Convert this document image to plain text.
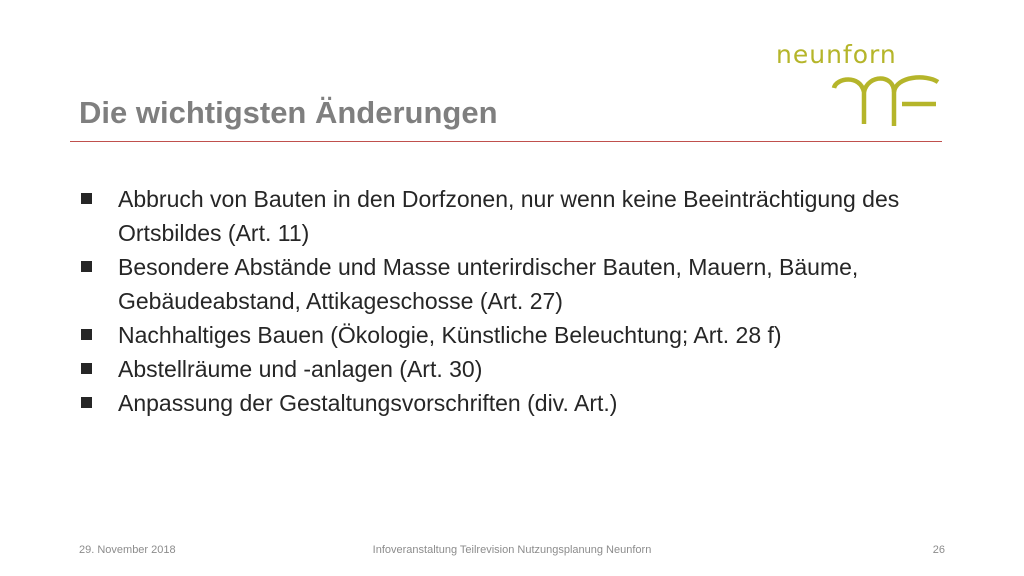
neunforn
Die wichtigsten Änderungen
Abbruch von Bauten in den Dorfzonen, nur wenn keine Beeinträchtigung des Ortsbildes (Art. 11)
Besondere Abstände und Masse unterirdischer Bauten, Mauern, Bäume, Gebäudeabstand, Attikageschosse (Art. 27)
Nachhaltiges Bauen (Ökologie, Künstliche Beleuchtung; Art. 28 f)
Abstellräume und -anlagen (Art. 30)
Anpassung der Gestaltungsvorschriften (div. Art.)
29. November 2018	Infoveranstaltung Teilrevision Nutzungsplanung Neunforn	26
